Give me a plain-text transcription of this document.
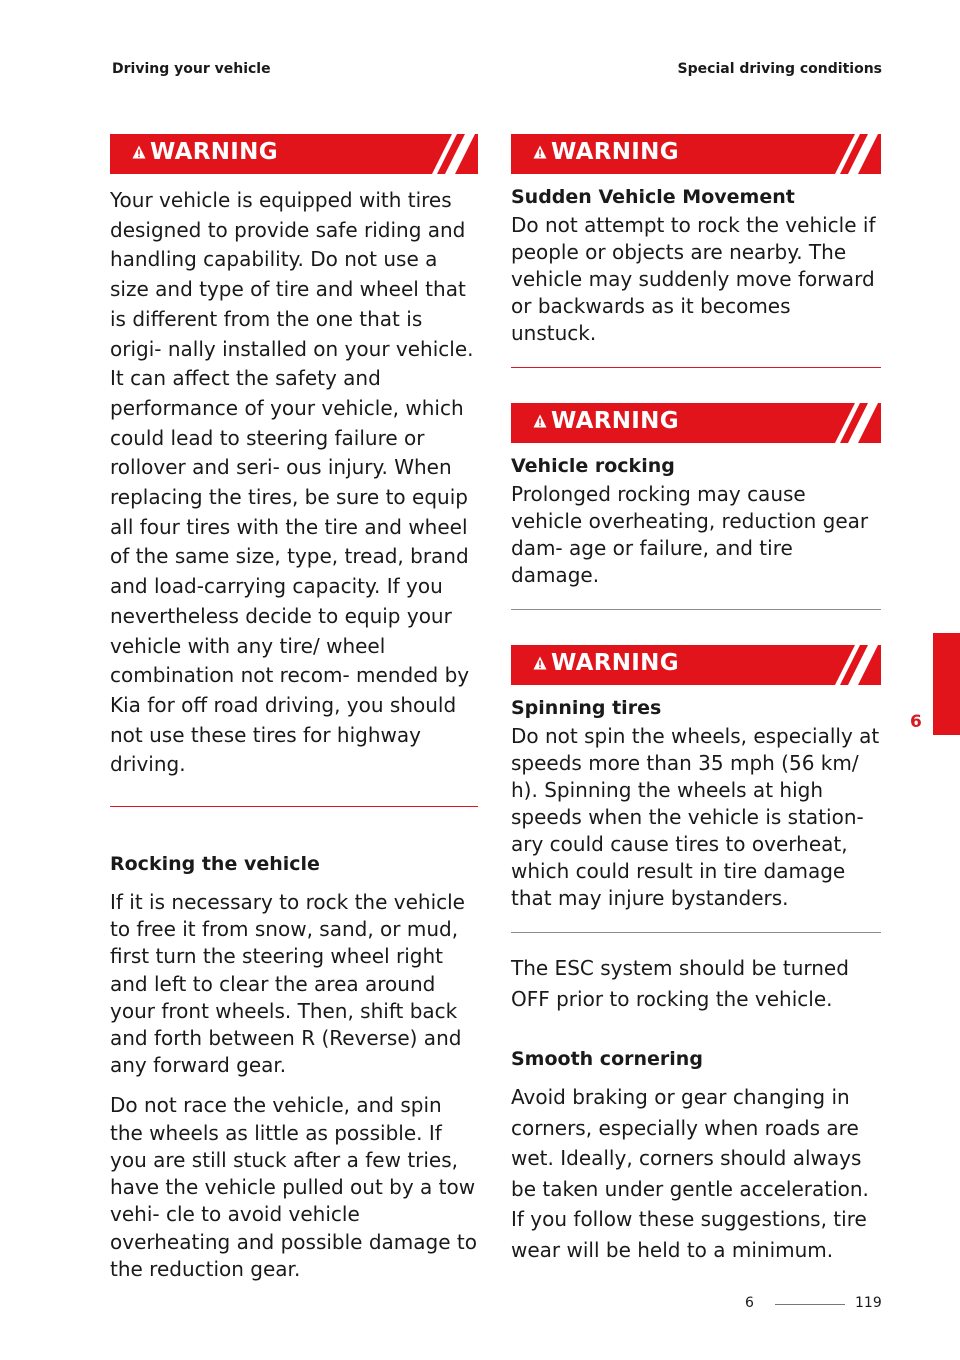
Driving your vehicle	Special driving conditions
WARNING

Your vehicle is equipped with tires designed to provide safe riding and handling capability. Do not use a size and type of tire and wheel that is different from the one that is origi- nally installed on your vehicle. It can affect the safety and performance of your vehicle, which could lead to steering failure or rollover and seri- ous injury. When replacing the tires, be sure to equip all four tires with the tire and wheel of the same size, type, tread, brand and load-carrying capacity. If you nevertheless decide to equip your vehicle with any tire/ wheel combination not recom- mended by Kia for off road driving, you should not use these tires for highway driving.

Rocking the vehicle

If it is necessary to rock the vehicle to free it from snow, sand, or mud, first turn the steering wheel right and left to clear the area around your front wheels. Then, shift back and forth between R (Reverse) and any forward gear.

Do not race the vehicle, and spin the wheels as little as possible. If you are still stuck after a few tries, have the vehicle pulled out by a tow vehi- cle to avoid vehicle overheating and possible damage to the reduction gear.

WARNING

Sudden Vehicle Movement

Do not attempt to rock the vehicle if people or objects are nearby. The vehicle may suddenly move forward or backwards as it becomes unstuck.

WARNING

Vehicle rocking

Prolonged rocking may cause vehicle overheating, reduction gear dam- age or failure, and tire damage.

WARNING

Spinning tires

Do not spin the wheels, especially at speeds more than 35 mph (56 km/ h). Spinning the wheels at high speeds when the vehicle is station- ary could cause tires to overheat, which could result in tire damage that may injure bystanders.

The ESC system should be turned OFF prior to rocking the vehicle.

Smooth cornering

Avoid braking or gear changing in corners, especially when roads are wet. Ideally, corners should always be taken under gentle acceleration. If you follow these suggestions, tire wear will be held to a minimum.

6
6	119
